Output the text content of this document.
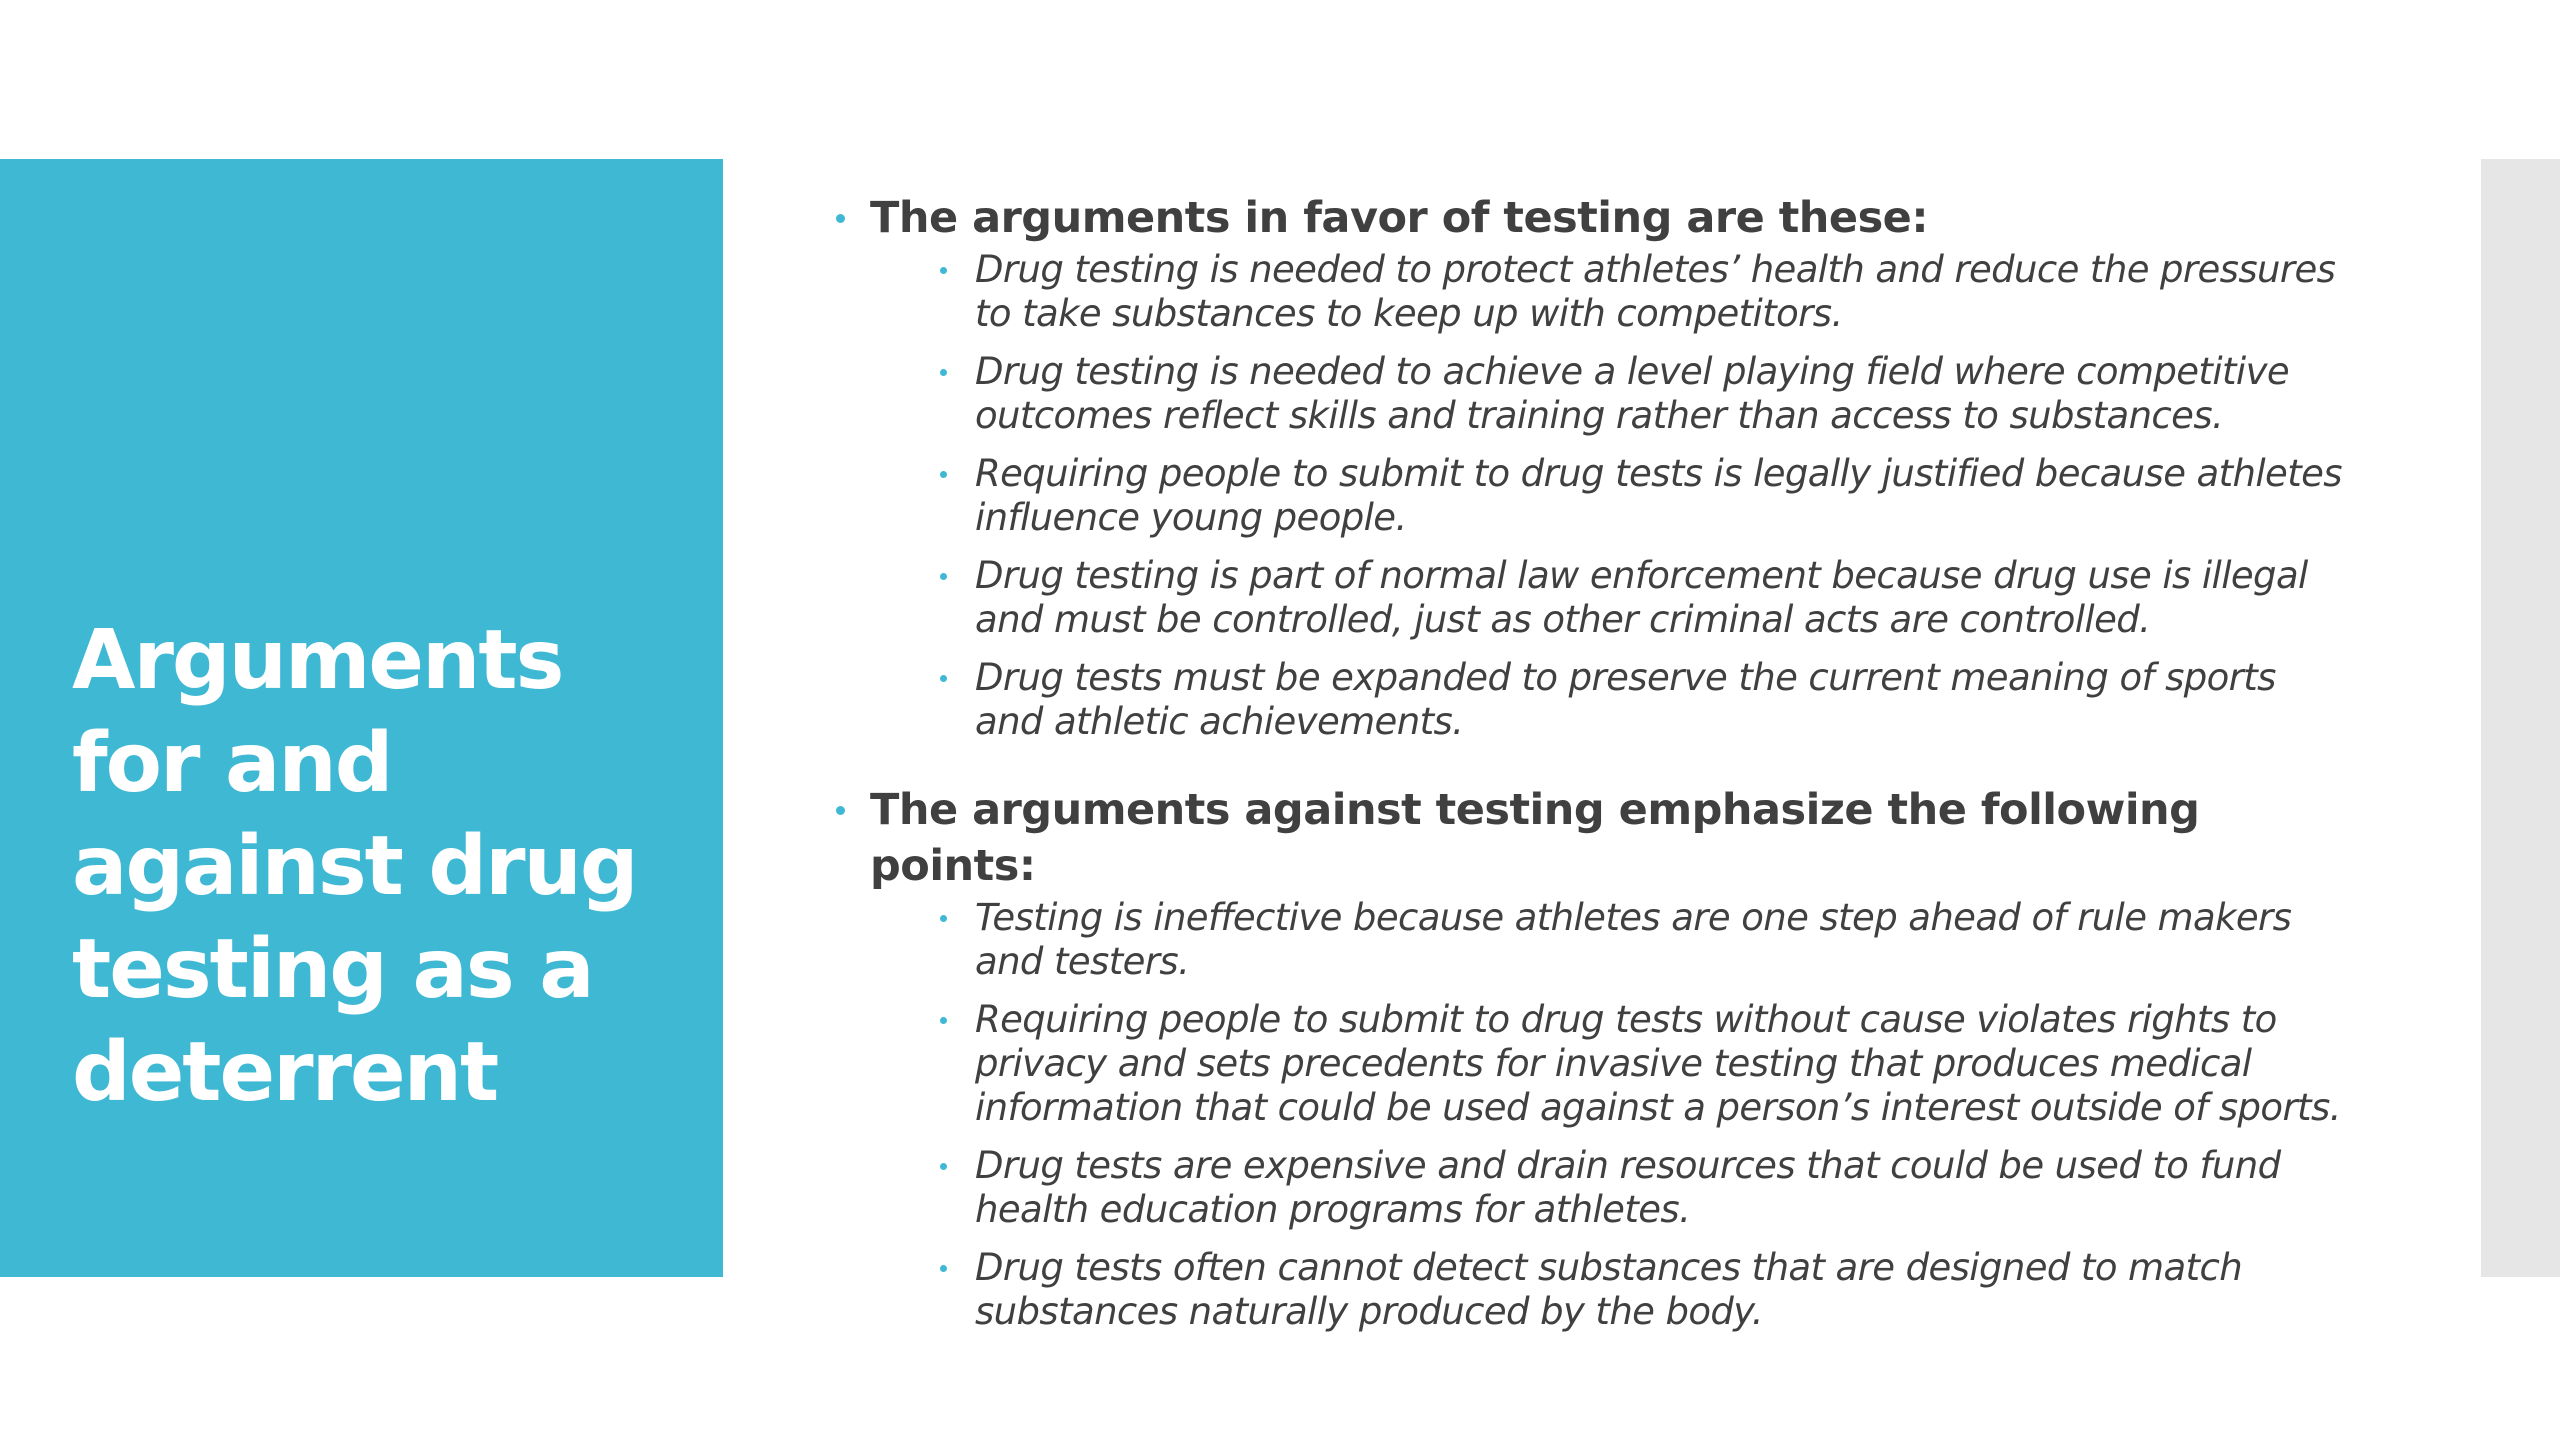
Arguments for and against drug testing as a deterrent
The arguments in favor of testing are these:
Drug testing is needed to protect athletes’ health and reduce the pressures to take substances to keep up with competitors.
Drug testing is needed to achieve a level playing field where competitive outcomes reflect skills and training rather than access to substances.
Requiring people to submit to drug tests is legally justified because athletes influence young people.
Drug testing is part of normal law enforcement because drug use is illegal and must be controlled, just as other criminal acts are controlled.
Drug tests must be expanded to preserve the current meaning of sports and athletic achievements.
The arguments against testing emphasize the following points:
Testing is ineffective because athletes are one step ahead of rule makers and testers.
Requiring people to submit to drug tests without cause violates rights to privacy and sets precedents for invasive testing that produces medical information that could be used against a person’s interest outside of sports.
Drug tests are expensive and drain resources that could be used to fund health education programs for athletes.
Drug tests often cannot detect substances that are designed to match substances naturally produced by the body.
